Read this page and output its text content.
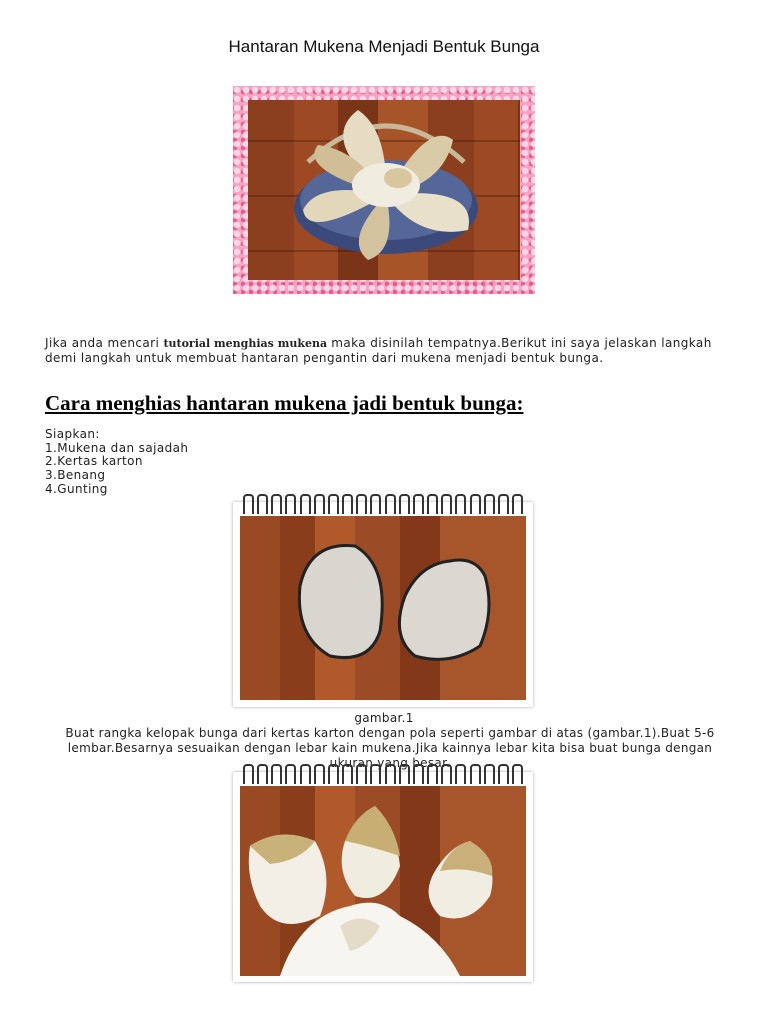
Hantaran Mukena Menjadi Bentuk Bunga
Jika anda mencari tutorial menghias mukena maka disinilah tempatnya.Berikut ini saya jelaskan langkah demi langkah untuk membuat hantaran pengantin dari mukena menjadi bentuk bunga.
Cara menghias hantaran mukena jadi bentuk bunga:
Siapkan:
1.Mukena dan sajadah
2.Kertas karton
3.Benang
4.Gunting
gambar.1
Buat rangka kelopak bunga dari kertas karton dengan pola seperti gambar di atas (gambar.1).Buat 5-6 lembar.Besarnya sesuaikan dengan lebar kain mukena.Jika kainnya lebar kita bisa buat bunga dengan ukuran yang besar.
